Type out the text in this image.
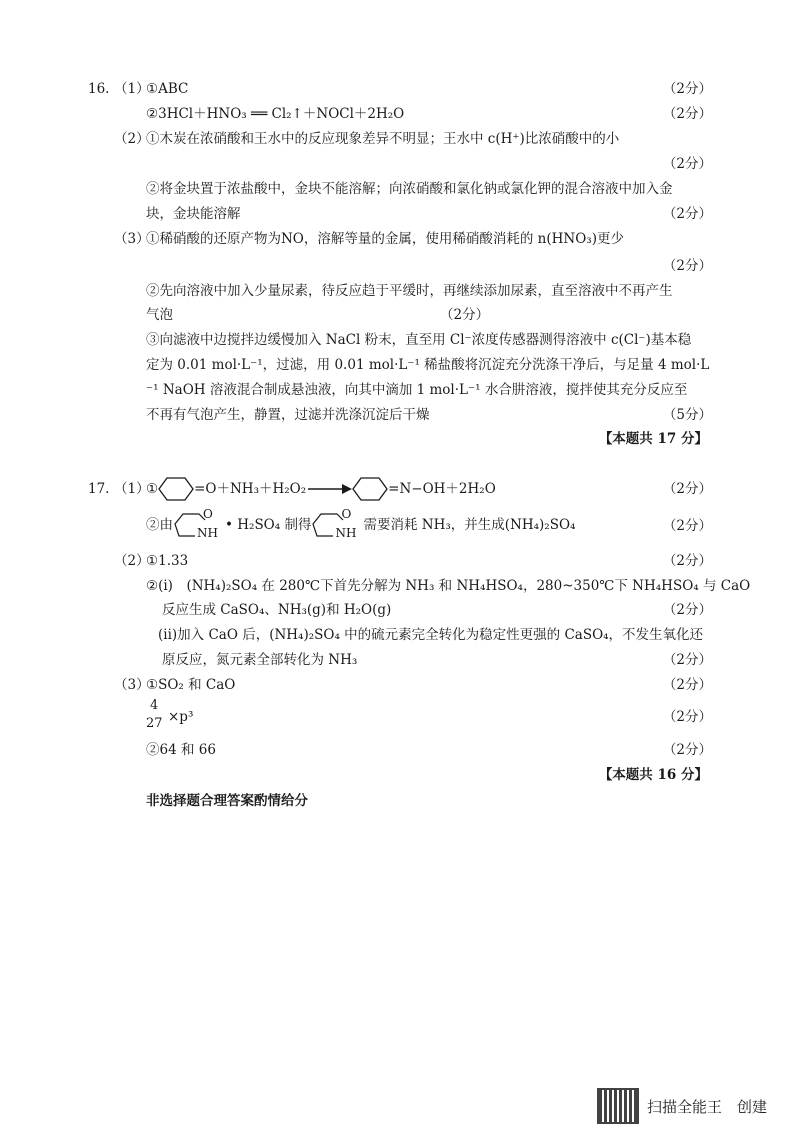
16. （1）
①ABC	（2分）
②3HCl＋HNO₃ ══ Cl₂↑＋NOCl＋2H₂O	（2分）
（2）
①木炭在浓硝酸和王水中的反应现象差异不明显；王水中 c(H⁺)比浓硝酸中的小
（2分）
②将金块置于浓盐酸中，金块不能溶解；向浓硝酸和氯化钠或氯化钾的混合溶液中加入金
块，金块能溶解	（2分）
（3）
①稀硝酸的还原产物为NO，溶解等量的金属，使用稀硝酸消耗的 n(HNO₃)更少
（2分）
②先向溶液中加入少量尿素，待反应趋于平缓时，再继续添加尿素，直至溶液中不再产生
气泡	（2分）
③向滤液中边搅拌边缓慢加入 NaCl 粉末，直至用 Cl⁻浓度传感器测得溶液中 c(Cl⁻)基本稳
定为 0.01 mol·L⁻¹，过滤，用 0.01 mol·L⁻¹ 稀盐酸将沉淀充分洗涤干净后，与足量 4 mol·L
⁻¹ NaOH 溶液混合制成悬浊液，向其中滴加 1 mol·L⁻¹ 水合肼溶液，搅拌使其充分反应至
不再有气泡产生，静置，过滤并洗涤沉淀后干燥	（5分）
【本题共 17 分】
17. （1）
①	=O＋NH₃＋H₂O₂ →	=N−OH＋2H₂O	（2分）
②由
O
NH • H₂SO₄ 制得
O
NH 需要消耗 NH₃，并生成(NH₄)₂SO₄	（2分）
（2）
①1.33	（2分）
②(ⅰ)　(NH₄)₂SO₄ 在 280℃下首先分解为 NH₃ 和 NH₄HSO₄，280~350℃下 NH₄HSO₄ 与 CaO
反应生成 CaSO₄、NH₃(g)和 H₂O(g)	（2分）
(ii)加入 CaO 后，(NH₄)₂SO₄ 中的硫元素完全转化为稳定性更强的 CaSO₄，不发生氧化还
原反应，氮元素全部转化为 NH₃	（2分）
（3）
①SO₂ 和 CaO	（2分）
4
27 ×p³	（2分）
②64 和 66	（2分）
【本题共 16 分】
非选择题合理答案酌情给分
扫描全能王　创建
